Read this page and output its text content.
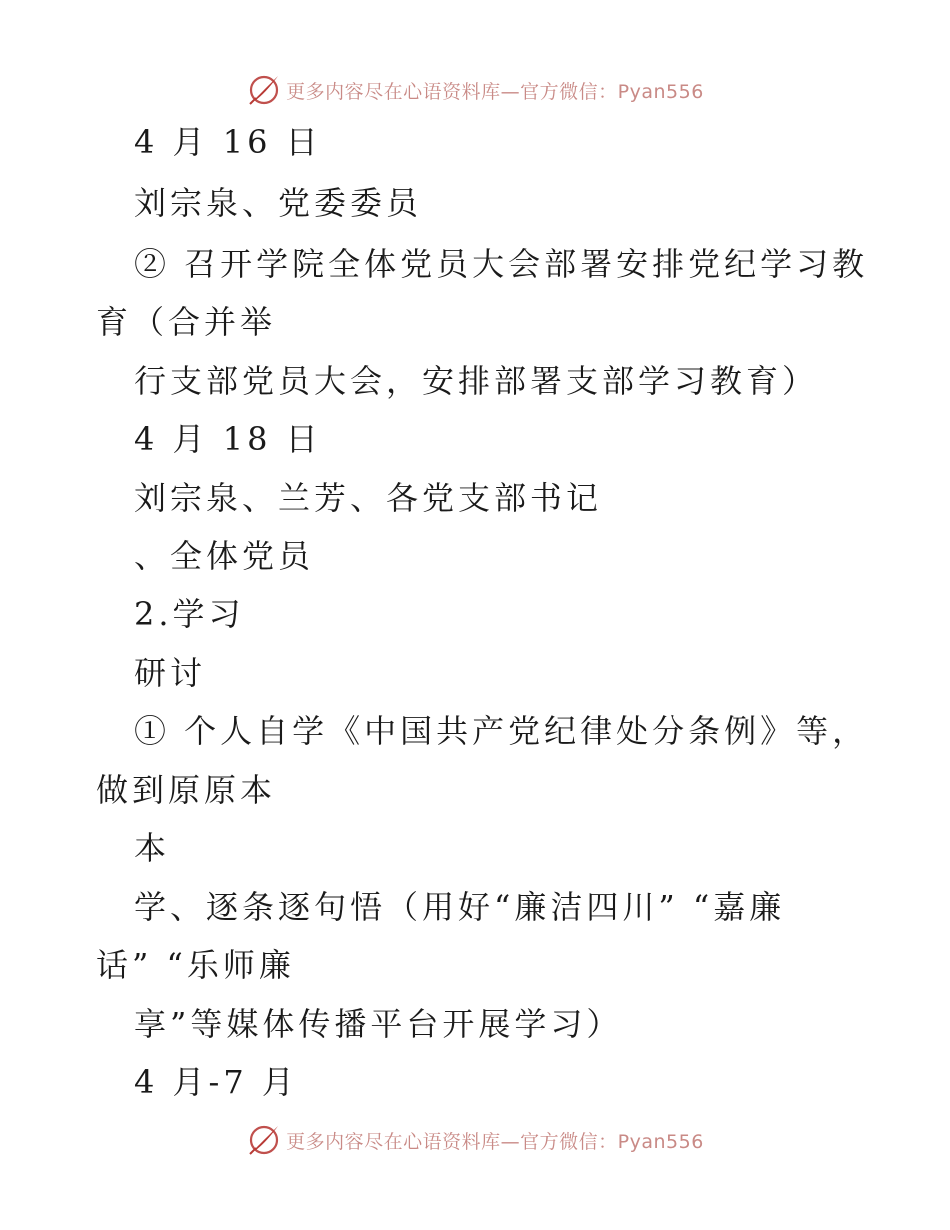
更多内容尽在心语资料库—官方微信：Pyan556
4 月 16 日
刘宗泉、党委委员
② 召开学院全体党员大会部署安排党纪学习教
育（合并举
行支部党员大会，安排部署支部学习教育）
4 月 18 日
刘宗泉、兰芳、各党支部书记
、全体党员
2.学习
研讨
① 个人自学《中国共产党纪律处分条例》等，
做到原原本
本
学、逐条逐句悟（用好“廉洁四川” “嘉廉
话” “乐师廉
享”等媒体传播平台开展学习）
4 月-7 月
更多内容尽在心语资料库—官方微信：Pyan556
